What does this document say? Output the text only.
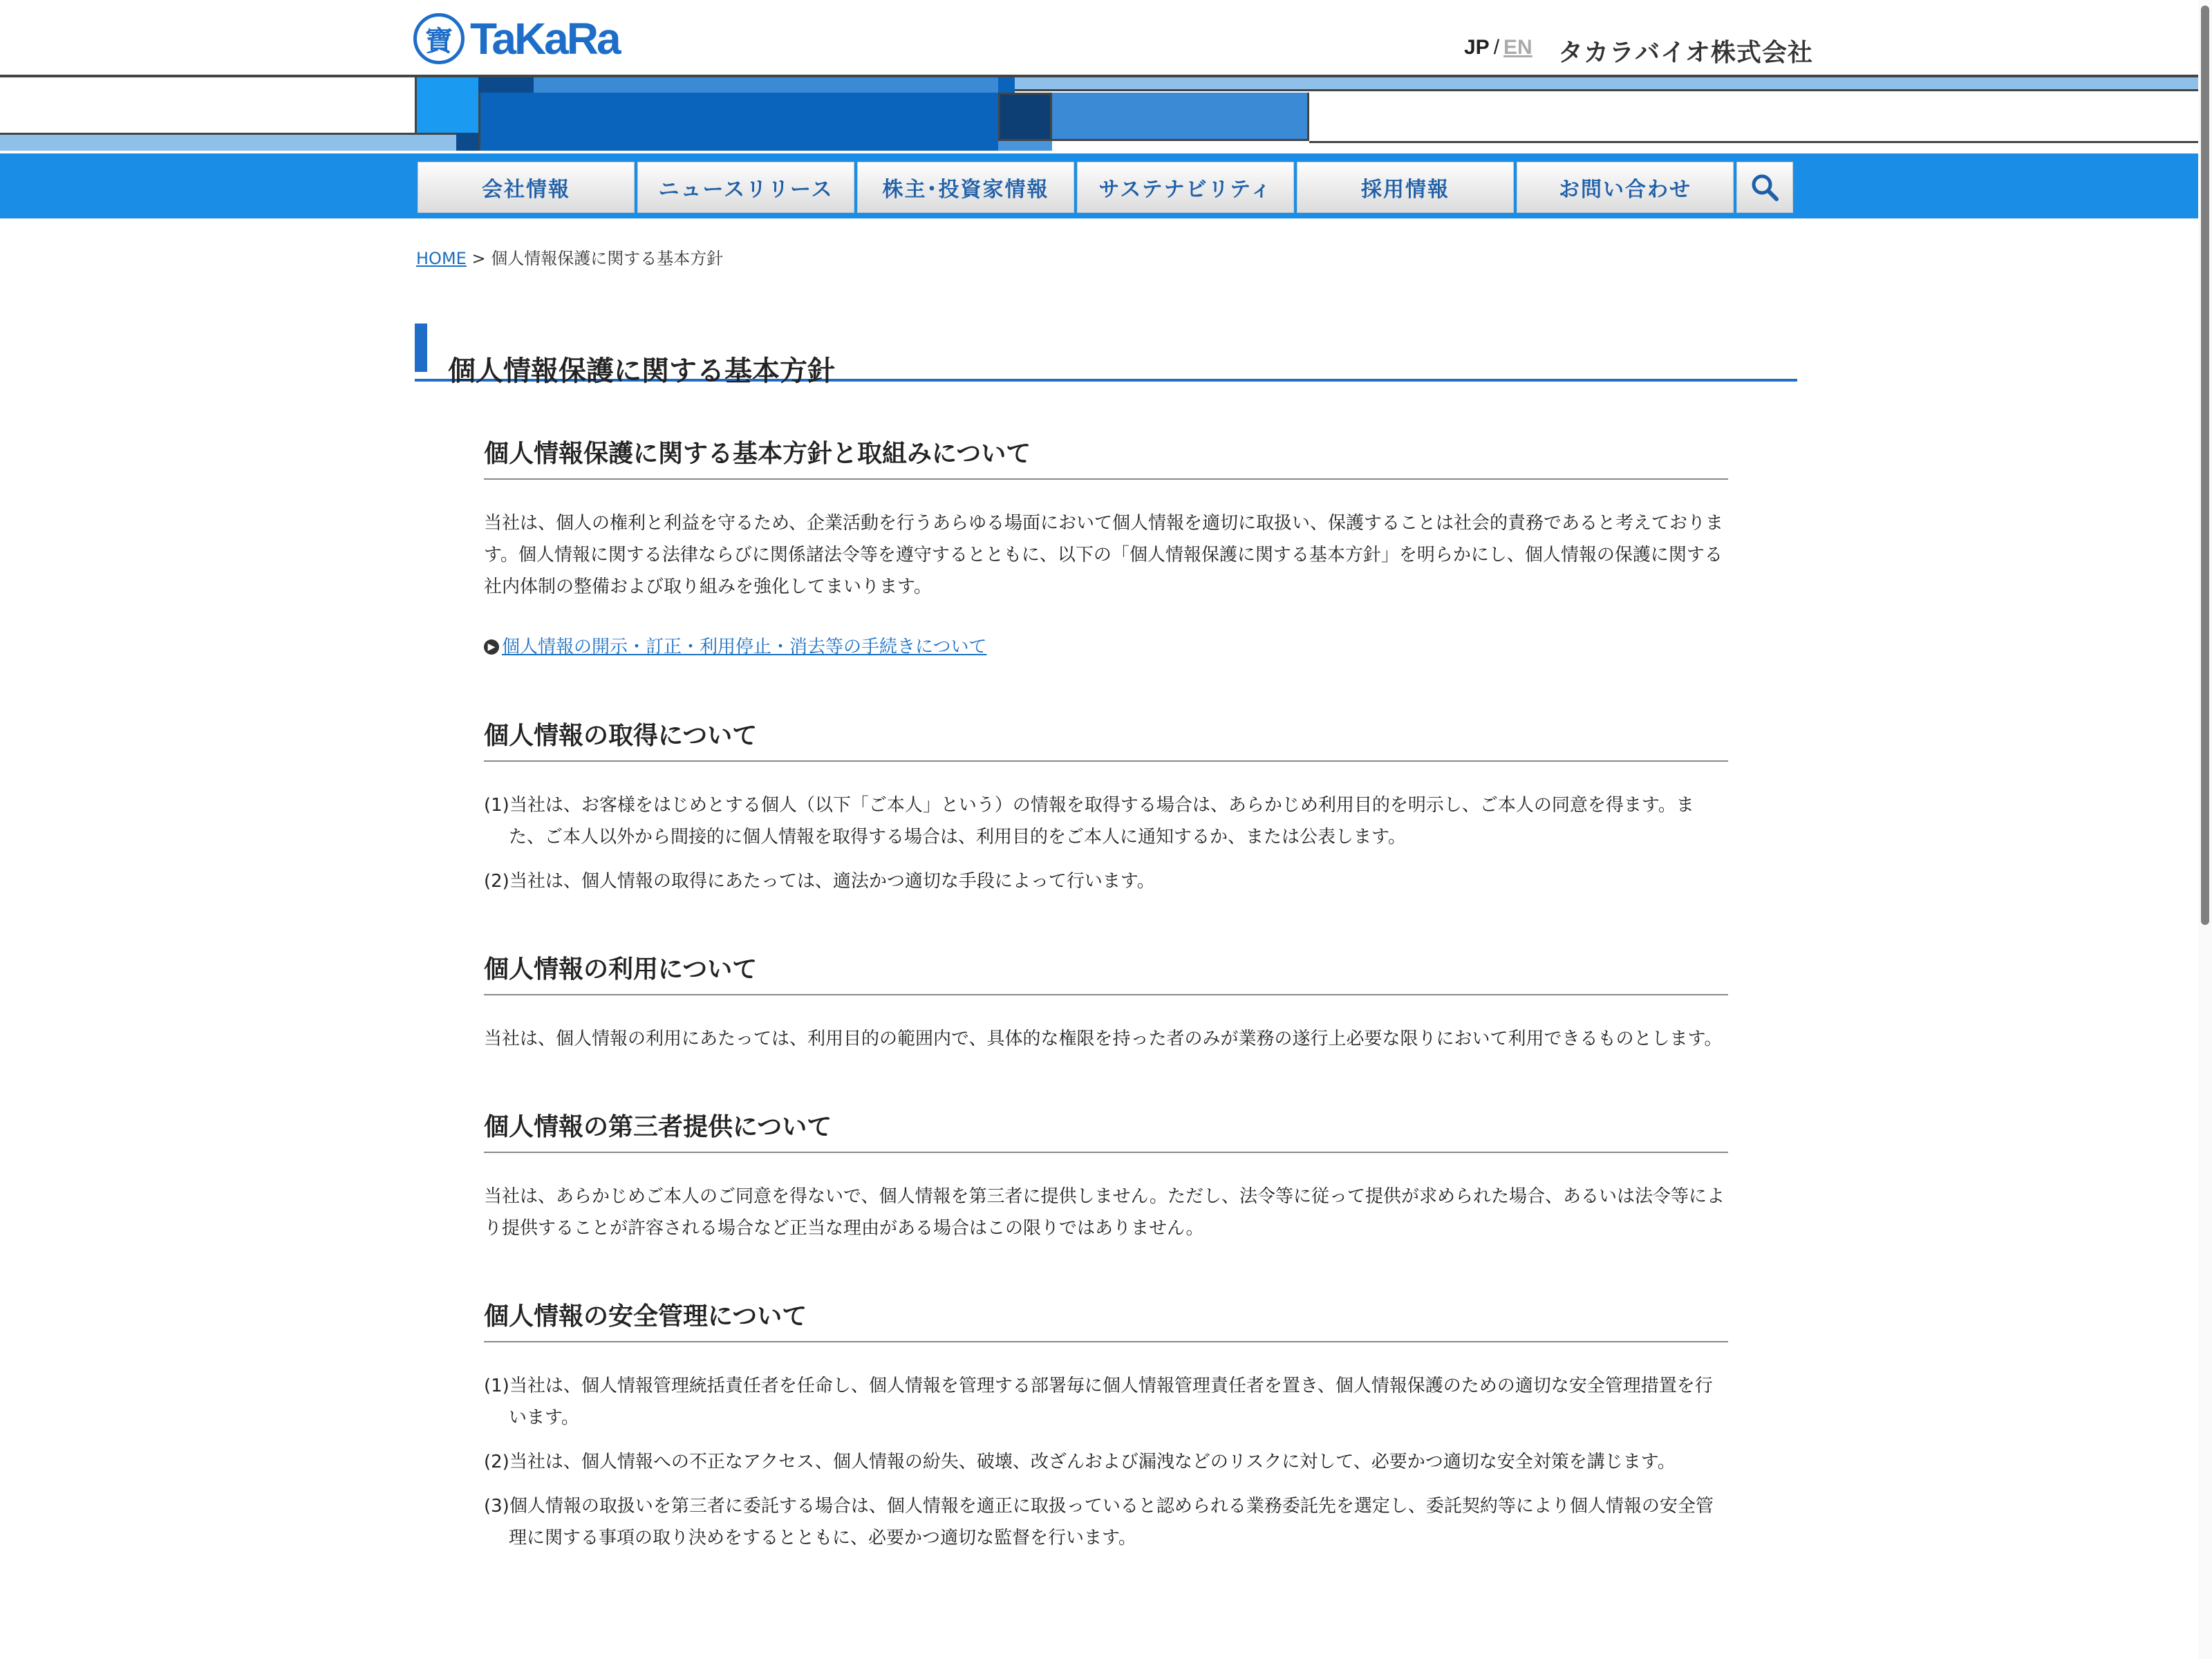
寶 TaKaRa	JP / EN タカラバイオ株式会社
会社情報	ニュースリリース	株主･投資家情報	サステナビリティ	採用情報	お問い合わせ
HOME > 個人情報保護に関する基本方針
個人情報保護に関する基本方針
個人情報保護に関する基本方針と取組みについて

当社は、個人の権利と利益を守るため、企業活動を行うあらゆる場面において個人情報を適切に取扱い、保護することは社会的責務であると考えております。個人情報に関する法律ならびに関係諸法令等を遵守するとともに、以下の「個人情報保護に関する基本方針」を明らかにし、個人情報の保護に関する社内体制の整備および取り組みを強化してまいります。

▶ 個人情報の開示・訂正・利用停止・消去等の手続きについて
個人情報の取得について

(1)当社は、お客様をはじめとする個人（以下「ご本人」という）の情報を取得する場合は、あらかじめ利用目的を明示し、ご本人の同意を得ます。また、ご本人以外から間接的に個人情報を取得する場合は、利用目的をご本人に通知するか、または公表します。

(2)当社は、個人情報の取得にあたっては、適法かつ適切な手段によって行います。

個人情報の利用について

当社は、個人情報の利用にあたっては、利用目的の範囲内で、具体的な権限を持った者のみが業務の遂行上必要な限りにおいて利用できるものとします。

個人情報の第三者提供について

当社は、あらかじめご本人のご同意を得ないで、個人情報を第三者に提供しません。ただし、法令等に従って提供が求められた場合、あるいは法令等により提供することが許容される場合など正当な理由がある場合はこの限りではありません。

個人情報の安全管理について

(1)当社は、個人情報管理統括責任者を任命し、個人情報を管理する部署毎に個人情報管理責任者を置き、個人情報保護のための適切な安全管理措置を行います。

(2)当社は、個人情報への不正なアクセス、個人情報の紛失、破壊、改ざんおよび漏洩などのリスクに対して、必要かつ適切な安全対策を講じます。

(3)個人情報の取扱いを第三者に委託する場合は、個人情報を適正に取扱っていると認められる業務委託先を選定し、委託契約等により個人情報の安全管理に関する事項の取り決めをするとともに、必要かつ適切な監督を行います。
